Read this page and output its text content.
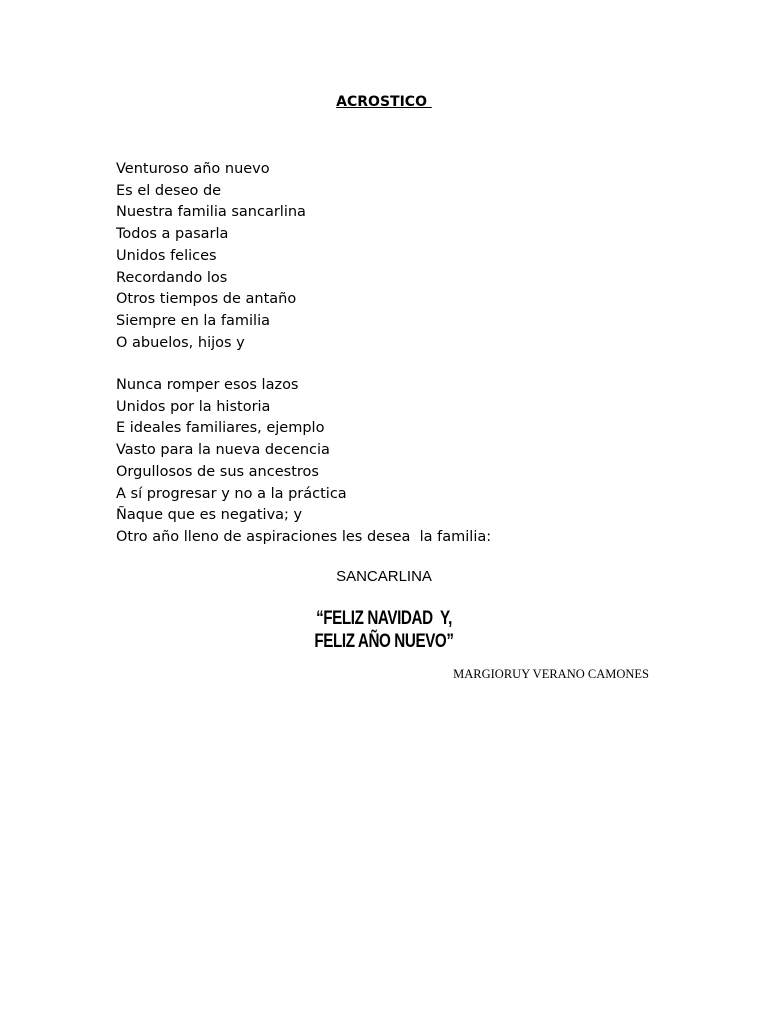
ACROSTICO
Venturoso año nuevo
Es el deseo de
Nuestra familia sancarlina
Todos a pasarla
Unidos felices
Recordando los
Otros tiempos de antaño
Siempre en la familia
O abuelos, hijos y
Nunca romper esos lazos
Unidos por la historia
E ideales familiares, ejemplo
Vasto para la nueva decencia
Orgullosos de sus ancestros
A sí progresar y no a la práctica
Ñaque que es negativa; y
Otro año lleno de aspiraciones les desea  la familia:
SANCARLINA
“FELIZ NAVIDAD  Y,
FELIZ AÑO NUEVO”
MARGIORUY VERANO CAMONES
